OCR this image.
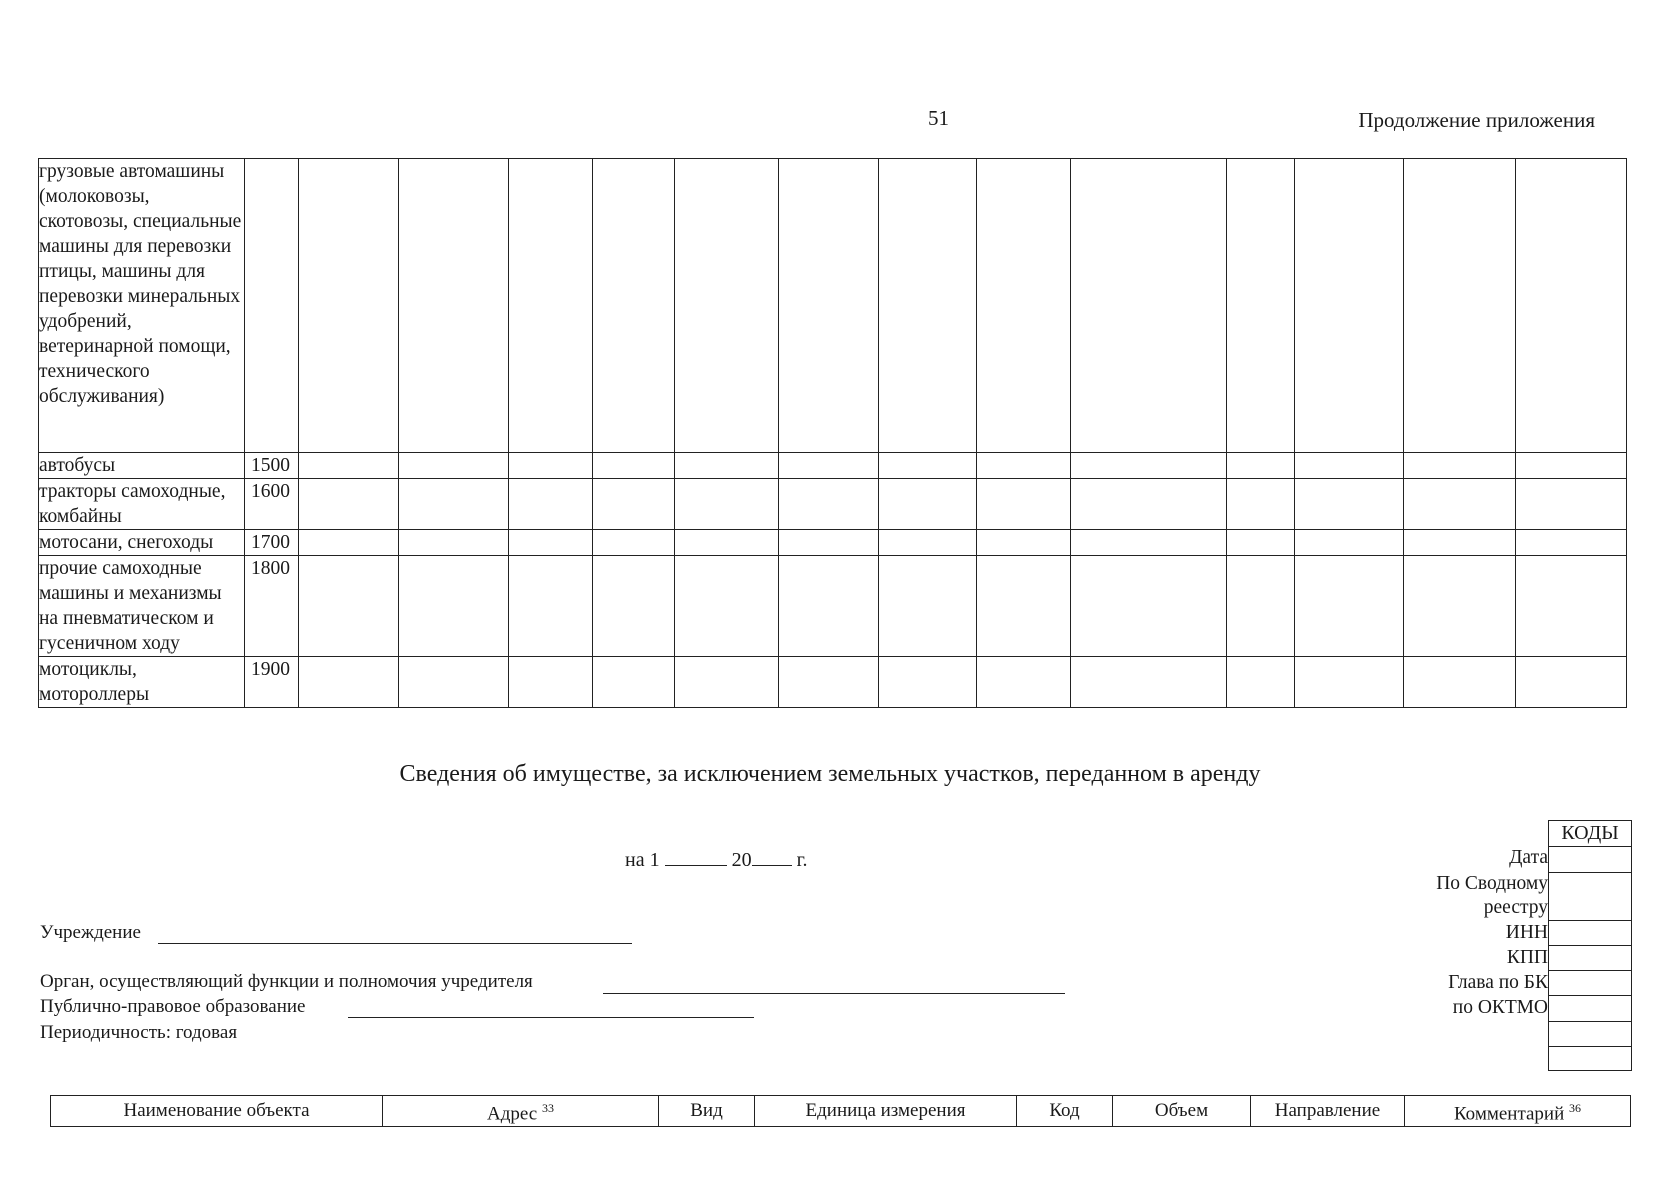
51	Продолжение приложения
грузовые автомашины (молоковозы, скотовозы, специальные машины для перевозки птицы, машины для перевозки минеральных удобрений, ветеринарной помощи, технического обслуживания)														
автобусы	1500													
тракторы самоходные, комбайны	1600													
мотосани, снегоходы	1700													
прочие самоходные машины и механизмы на пневматическом и гусеничном ходу	1800													
мотоциклы, мотороллеры	1900													
Сведения об имуществе, за исключением земельных участков, переданном в аренду
на 1	20 г.
Учреждение
Орган, осуществляющий функции и полномочия учредителя
Публично-правовое образование
Периодичность: годовая
КОДЫ
Дата
По Сводному
реестру
ИНН
КПП
Глава по БК
по ОКТМО
Наименование объекта	Адрес $^{33}$	Вид	Единица измерения	Код	Объем	Направление	Комментарий $^{36}$
